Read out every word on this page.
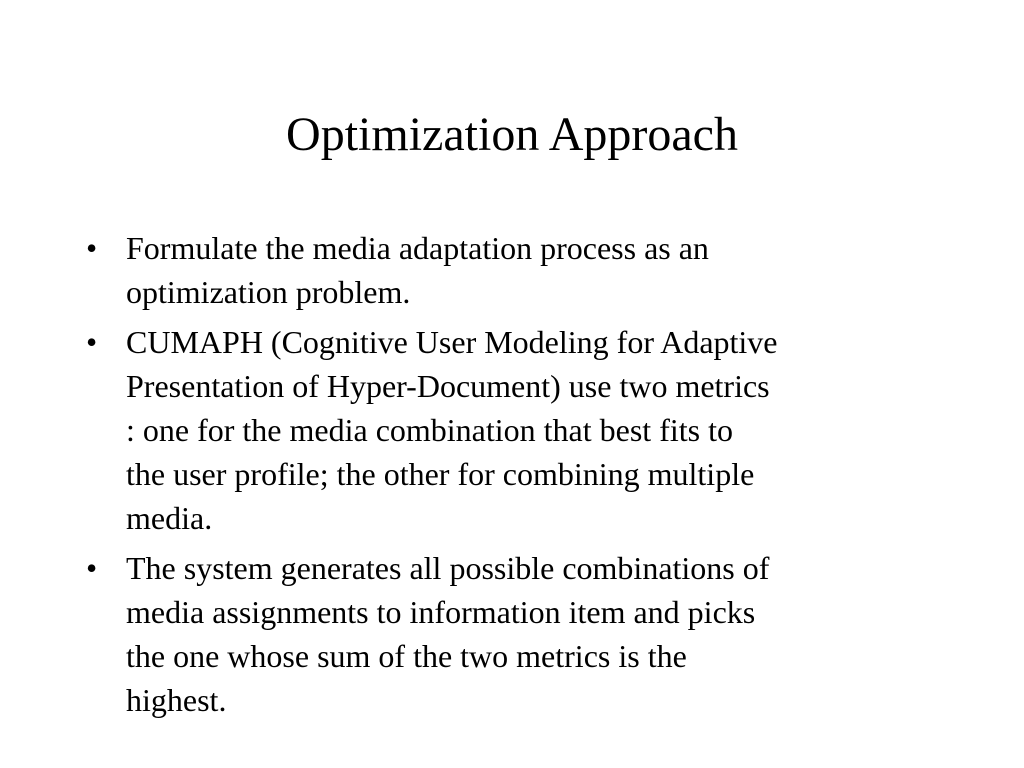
Optimization Approach
• Formulate the media adaptation process as an
optimization problem.
• CUMAPH (Cognitive User Modeling for Adaptive
Presentation of Hyper-Document) use two metrics
: one for the media combination that best fits to
the user profile; the other for combining multiple
media.
• The system generates all possible combinations of
media assignments to information item and picks
the one whose sum of the two metrics is the
highest.
